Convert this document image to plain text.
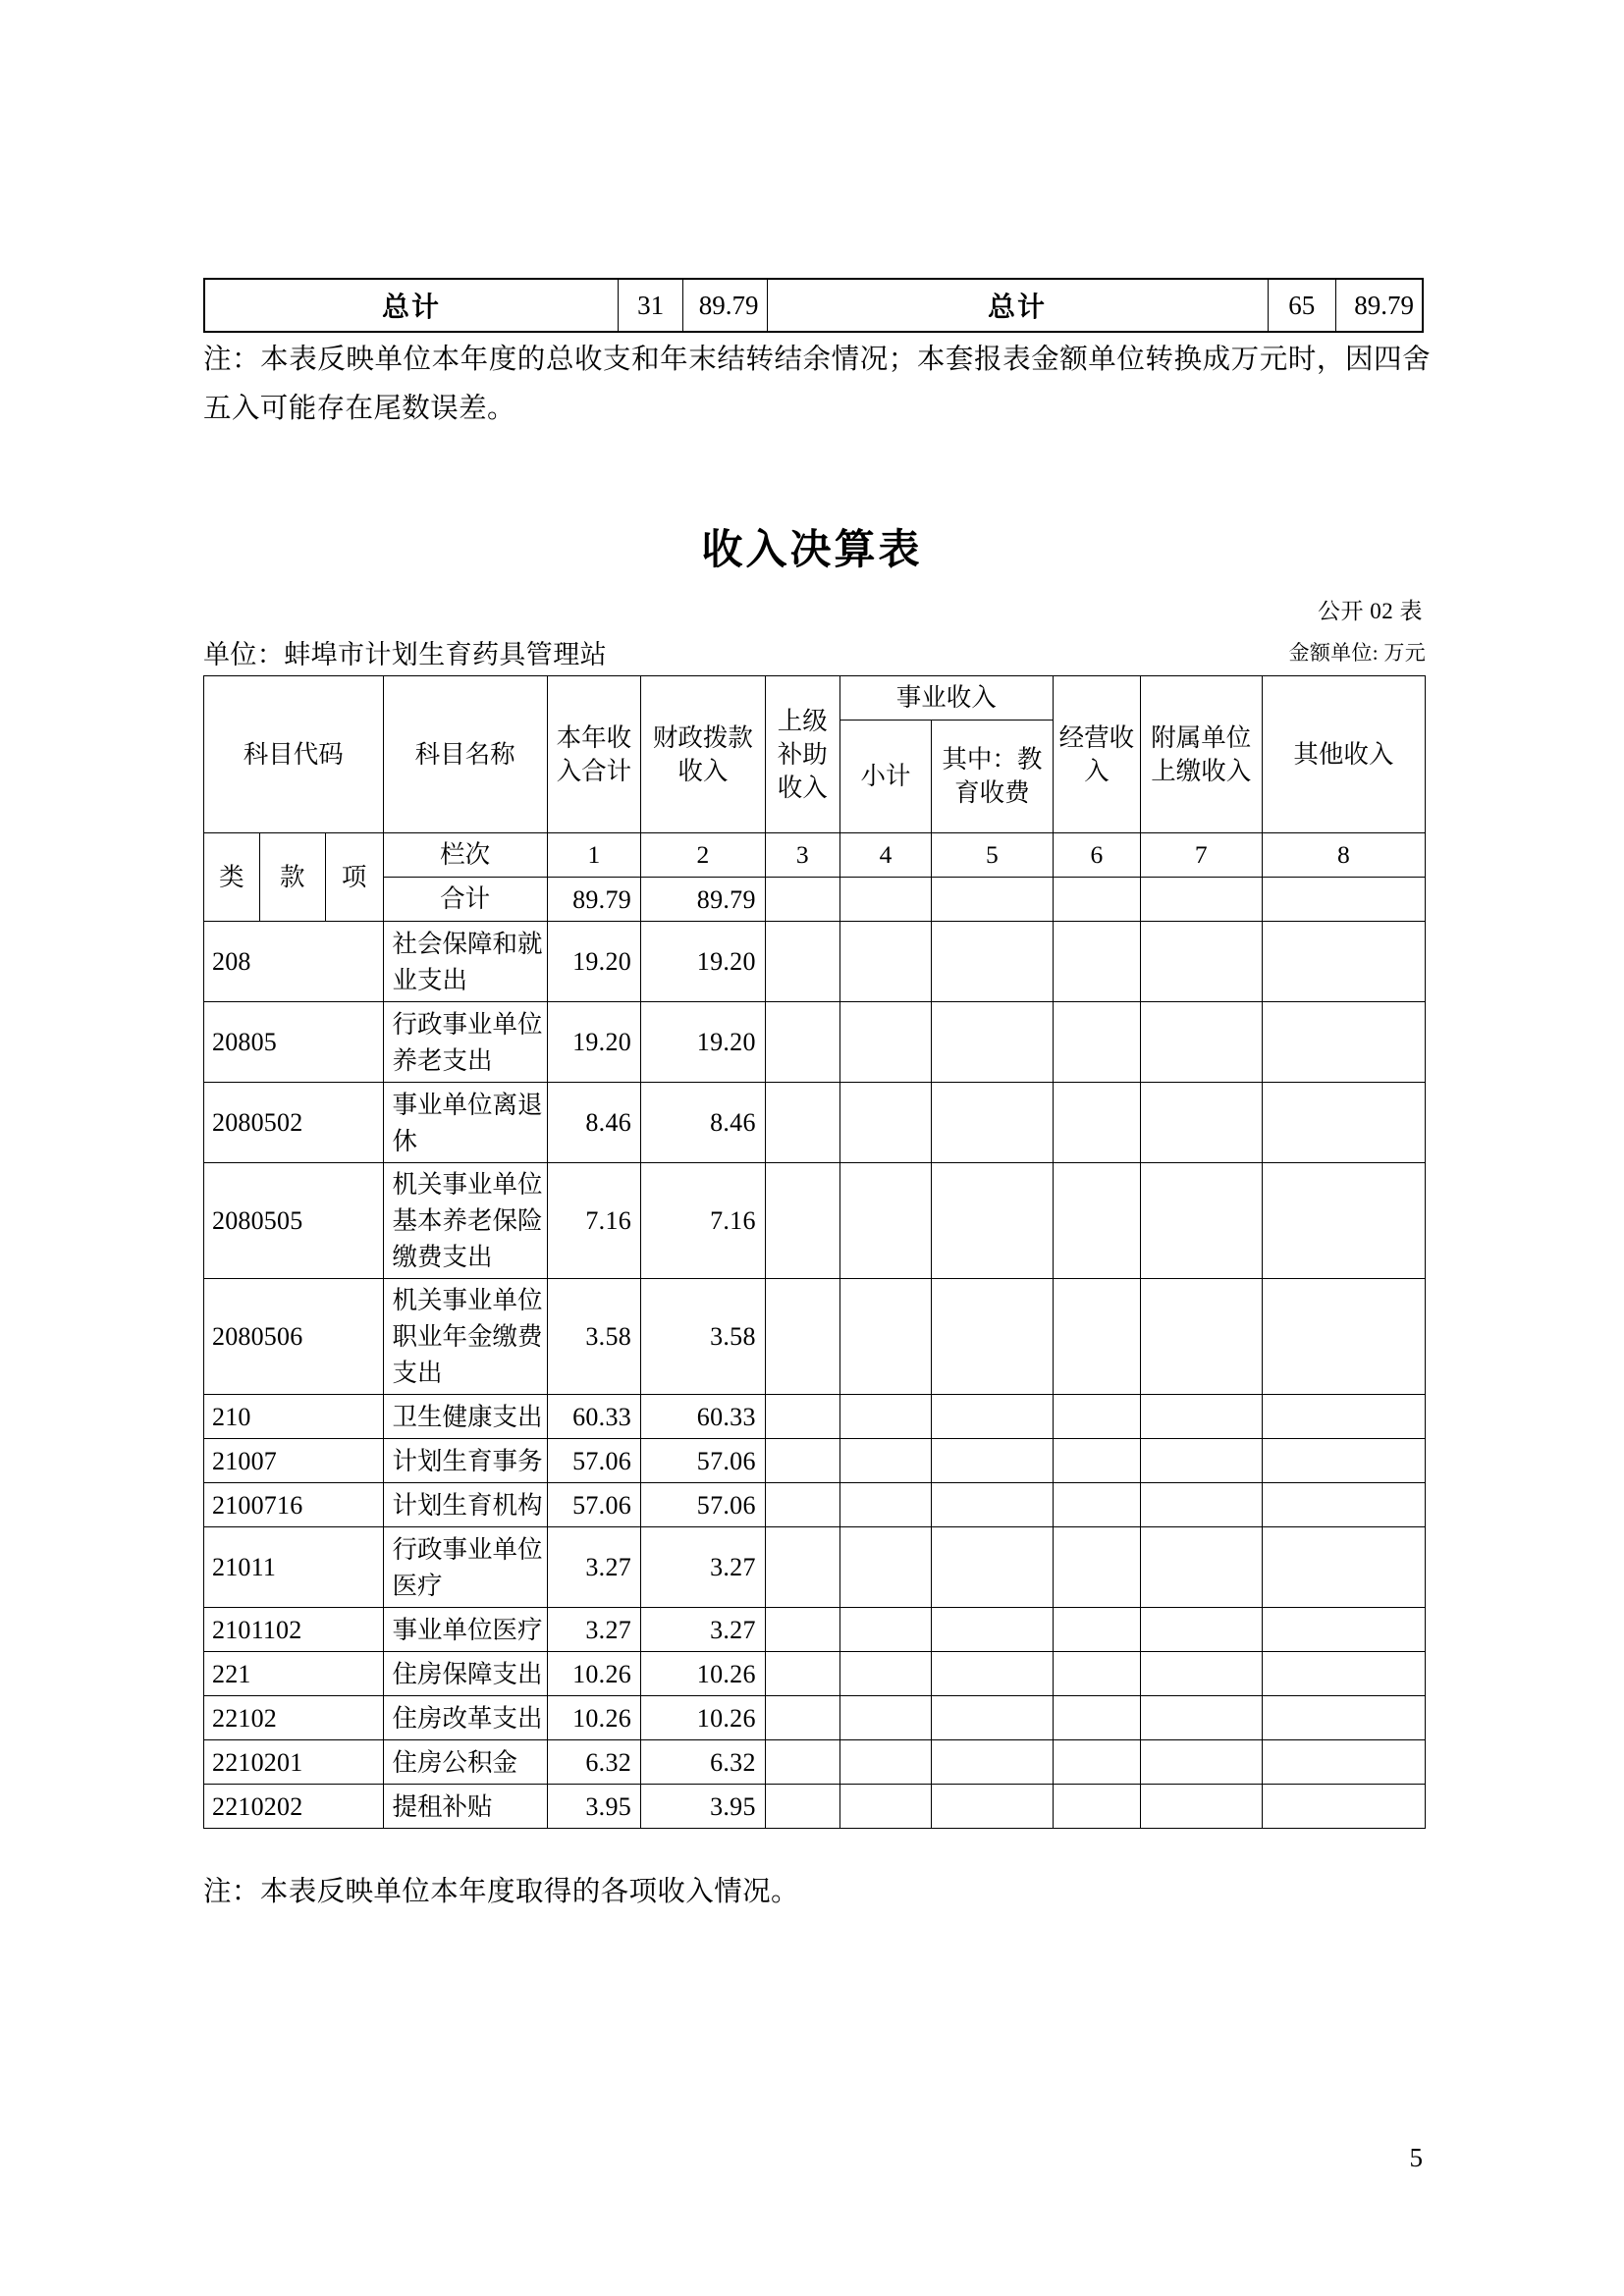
总计	31	89.79	总计	65	89.79
注：本表反映单位本年度的总收支和年末结转结余情况；本套报表金额单位转换成万元时，因四舍五入可能存在尾数误差。
收入决算表
公开 02 表
单位：蚌埠市计划生育药具管理站	金额单位: 万元
科目代码			科目名称	本年收入合计	财政拨款收入	上级补助收入	事业收入		经营收入	附属单位上缴收入	其他收入
							小计	其中：教育收费			
类	款	项	栏次	1	2	3	4	5	6	7	8
			合计	89.79	89.79						
208			社会保障和就业支出	19.20	19.20						
20805			行政事业单位养老支出	19.20	19.20						
2080502			事业单位离退休	8.46	8.46						
2080505			机关事业单位基本养老保险缴费支出	7.16	7.16						
2080506			机关事业单位职业年金缴费支出	3.58	3.58						
210			卫生健康支出	60.33	60.33						
21007			计划生育事务	57.06	57.06						
2100716			计划生育机构	57.06	57.06						
21011			行政事业单位医疗	3.27	3.27						
2101102			事业单位医疗	3.27	3.27						
221			住房保障支出	10.26	10.26						
22102			住房改革支出	10.26	10.26						
2210201			住房公积金	6.32	6.32						
2210202			提租补贴	3.95	3.95						
注：本表反映单位本年度取得的各项收入情况。
5
